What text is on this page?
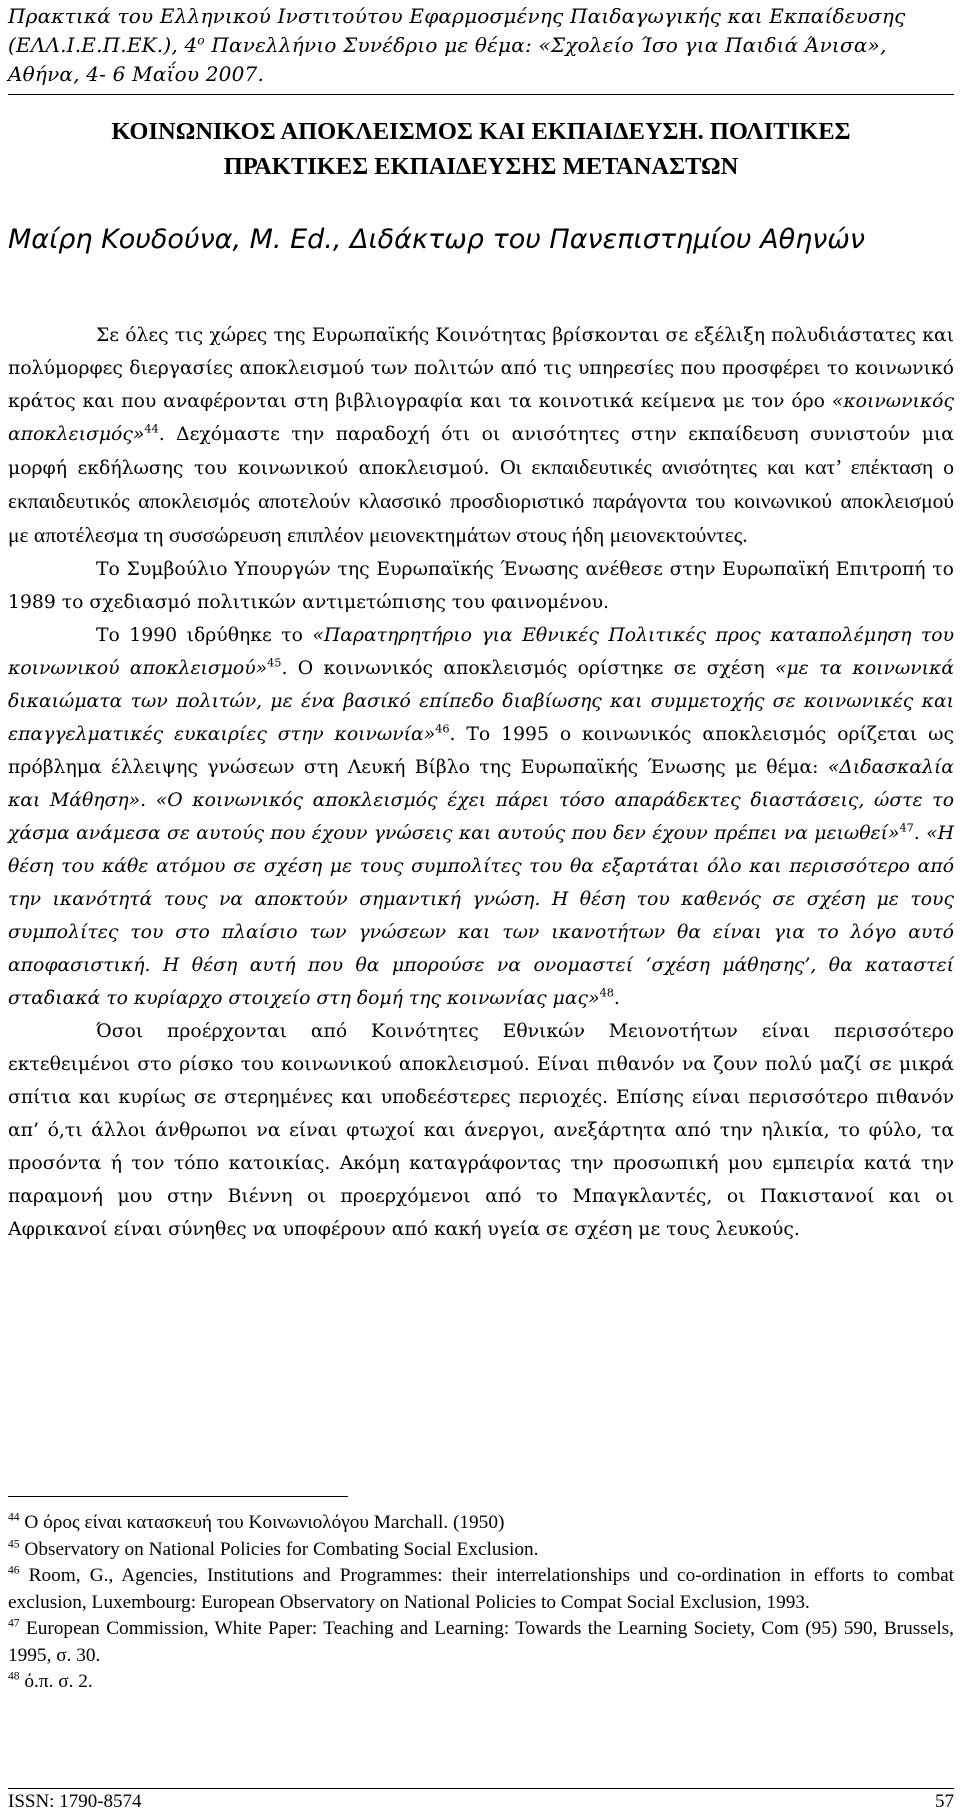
Πρακτικά του Ελληνικού Ινστιτούτου Εφαρμοσμένης Παιδαγωγικής και Εκπαίδευσης
(ΕΛΛ.Ι.Ε.Π.ΕΚ.), $4^o$ Πανελλήνιο Συνέδριο με θέμα: «Σχολείο Ίσο για Παιδιά Άνισα»,
Αθήνα, 4- 6 Μαΐου 2007.
ΚΟΙΝΩΝΙΚΟΣ ΑΠΟΚΛΕΙΣΜΟΣ ΚΑΙ ΕΚΠΑΙΔΕΥΣΗ. ΠΟΛΙΤΙΚΕΣ
ΠΡΑΚΤΙΚΕΣ ΕΚΠΑΙΔΕΥΣΗΣ ΜΕΤΑΝΑΣΤΩΝ
Μαίρη Κουδούνα, Μ. Ed., Διδάκτωρ του Πανεπιστημίου Αθηνών

Σε όλες τις χώρες της Ευρωπαϊκής Κοινότητας βρίσκονται σε εξέλιξη πολυδιάστατες και πολύμορφες διεργασίες αποκλεισμού των πολιτών από τις υπηρεσίες που προσφέρει το κοινωνικό κράτος και που αναφέρονται στη βιβλιογραφία και τα κοινοτικά κείμενα με τον όρο «κοινωνικός αποκλεισμός»$^{44}$. Δεχόμαστε την παραδοχή ότι οι ανισότητες στην εκπαίδευση συνιστούν μια μορφή εκδήλωσης του κοινωνικού αποκλεισμού. Οι εκπαιδευτικές ανισότητες και κατ’ επέκταση ο εκπαιδευτικός αποκλεισμός αποτελούν κλασσικό προσδιοριστικό παράγοντα του κοινωνικού αποκλεισμού με αποτέλεσμα τη συσσώρευση επιπλέον μειονεκτημάτων στους ήδη μειονεκτούντες.

Το Συμβούλιο Υπουργών της Ευρωπαϊκής Ένωσης ανέθεσε στην Ευρωπαϊκή Επιτροπή το 1989 το σχεδιασμό πολιτικών αντιμετώπισης του φαινομένου.

Το 1990 ιδρύθηκε το «Παρατηρητήριο για Εθνικές Πολιτικές προς καταπολέμηση του κοινωνικού αποκλεισμού»$^{45}$. Ο κοινωνικός αποκλεισμός ορίστηκε σε σχέση «με τα κοινωνικά δικαιώματα των πολιτών, με ένα βασικό επίπεδο διαβίωσης και συμμετοχής σε κοινωνικές και επαγγελματικές ευκαιρίες στην κοινωνία»$^{46}$. Το 1995 ο κοινωνικός αποκλεισμός ορίζεται ως πρόβλημα έλλειψης γνώσεων στη Λευκή Βίβλο της Ευρωπαϊκής Ένωσης με θέμα: «Διδασκαλία και Μάθηση». «Ο κοινωνικός αποκλεισμός έχει πάρει τόσο απαράδεκτες διαστάσεις, ώστε το χάσμα ανάμεσα σε αυτούς που έχουν γνώσεις και αυτούς που δεν έχουν πρέπει να μειωθεί»$^{47}$. «Η θέση του κάθε ατόμου σε σχέση με τους συμπολίτες του θα εξαρτάται όλο και περισσότερο από την ικανότητά τους να αποκτούν σημαντική γνώση. Η θέση του καθενός σε σχέση με τους συμπολίτες του στο πλαίσιο των γνώσεων και των ικανοτήτων θα είναι για το λόγο αυτό αποφασιστική. Η θέση αυτή που θα μπορούσε να ονομαστεί ‘σχέση μάθησης’, θα καταστεί σταδιακά το κυρίαρχο στοιχείο στη δομή της κοινωνίας μας»$^{48}$.

Όσοι προέρχονται από Κοινότητες Εθνικών Μειονοτήτων είναι περισσότερο εκτεθειμένοι στο ρίσκο του κοινωνικού αποκλεισμού. Είναι πιθανόν να ζουν πολύ μαζί σε μικρά σπίτια και κυρίως σε στερημένες και υποδεέστερες περιοχές. Επίσης είναι περισσότερο πιθανόν απ’ ό,τι άλλοι άνθρωποι να είναι φτωχοί και άνεργοι, ανεξάρτητα από την ηλικία, το φύλο, τα προσόντα ή τον τόπο κατοικίας. Ακόμη καταγράφοντας την προσωπική μου εμπειρία κατά την παραμονή μου στην Βιέννη οι προερχόμενοι από το Μπαγκλαντές, οι Πακιστανοί και οι Αφρικανοί είναι σύνηθες να υποφέρουν από κακή υγεία σε σχέση με τους λευκούς.

$^{44}$ Ο όρος είναι κατασκευή του Κοινωνιολόγου Marchall. (1950)

$^{45}$ Observatory on National Policies for Combating Social Exclusion.

$^{46}$ Room, G., Agencies, Institutions and Programmes: their interrelationships und co-ordination in efforts to combat exclusion, Luxembourg: European Observatory on National Policies to Compat Social Exclusion, 1993.

$^{47}$ European Commission, White Paper: Teaching and Learning: Towards the Learning Society, Com (95) 590, Brussels, 1995, σ. 30.

$^{48}$ ό.π. σ. 2.

ISSN: 1790-8574	57
